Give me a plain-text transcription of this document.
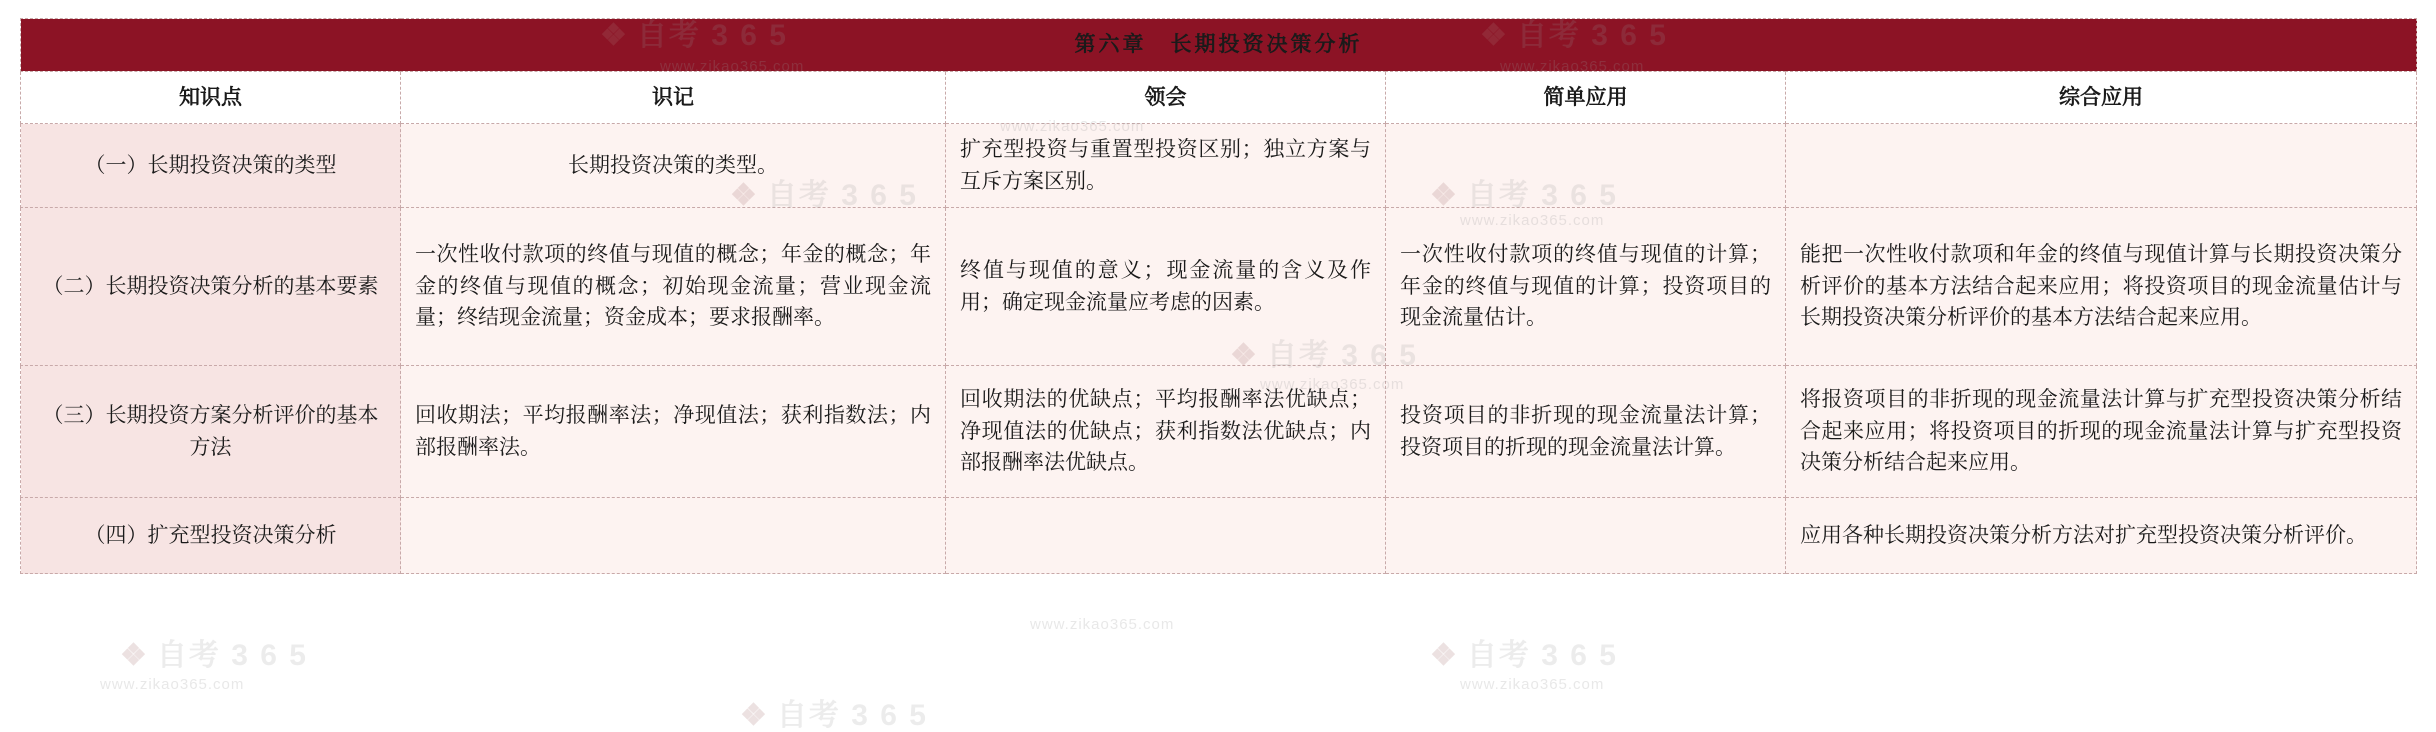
❖	❖
www.zikao365.com	www.zikao365.com
❖
www.zikao365.com
❖
❖
www.zikao365.com
❖ 自考 3 6 5
www.zikao365.com
❖ 自考 3 6 5
www.zikao365.com
www.zikao365.com
www.zikao365.com
❖ 自考 3 6 5
第六章　长期投资决策分析				
知识点	识记	领会	简单应用	综合应用
（一）长期投资决策的类型	长期投资决策的类型。	扩充型投资与重置型投资区别；独立方案与互斥方案区别。		
（二）长期投资决策分析的基本要素	一次性收付款项的终值与现值的概念；年金的概念；年金的终值与现值的概念；初始现金流量；营业现金流量；终结现金流量；资金成本；要求报酬率。	终值与现值的意义；现金流量的含义及作用；确定现金流量应考虑的因素。	一次性收付款项的终值与现值的计算；年金的终值与现值的计算；投资项目的现金流量估计。	能把一次性收付款项和年金的终值与现值计算与长期投资决策分析评价的基本方法结合起来应用；将投资项目的现金流量估计与长期投资决策分析评价的基本方法结合起来应用。
（三）长期投资方案分析评价的基本方法	回收期法；平均报酬率法；净现值法；获利指数法；内部报酬率法。	回收期法的优缺点；平均报酬率法优缺点；净现值法的优缺点；获利指数法优缺点；内部报酬率法优缺点。	投资项目的非折现的现金流量法计算；投资项目的折现的现金流量法计算。	将报资项目的非折现的现金流量法计算与扩充型投资决策分析结合起来应用；将投资项目的折现的现金流量法计算与扩充型投资决策分析结合起来应用。
（四）扩充型投资决策分析				应用各种长期投资决策分析方法对扩充型投资决策分析评价。
